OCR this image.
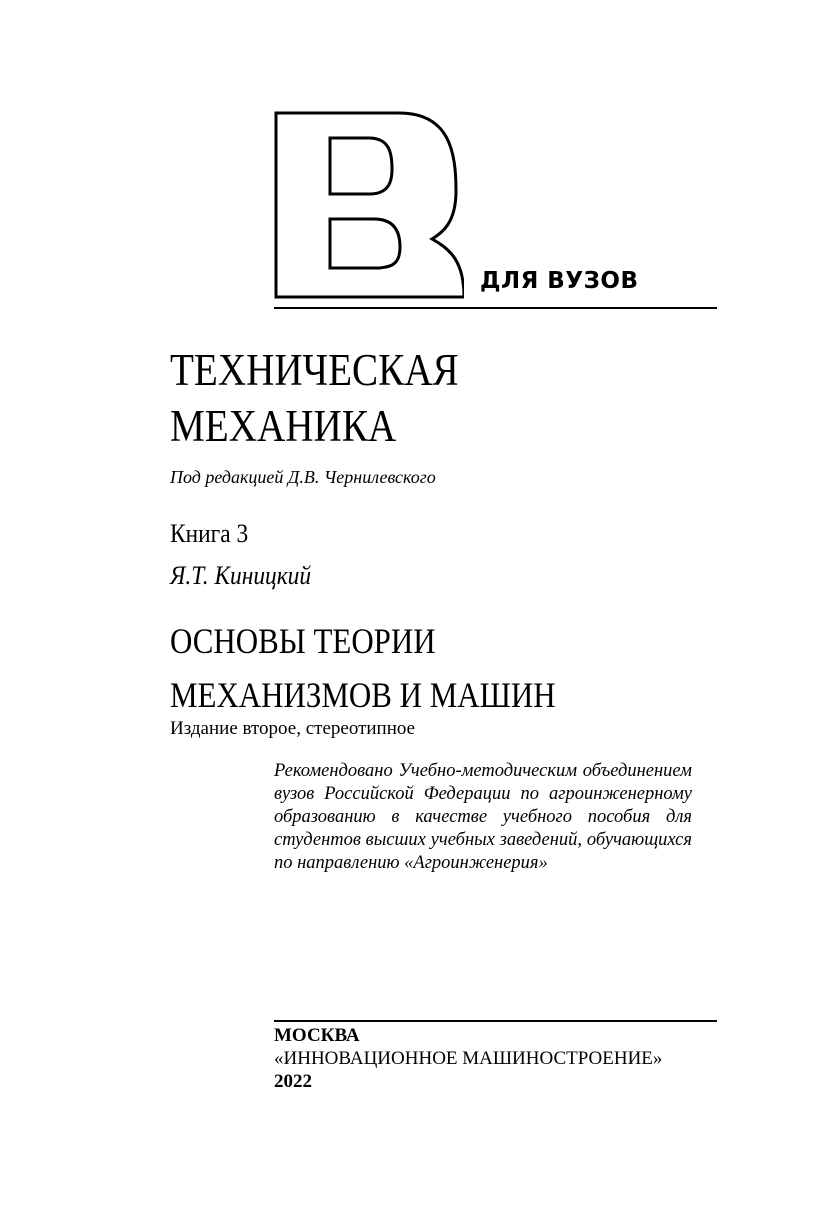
ДЛЯ ВУЗОВ
ТЕХНИЧЕСКАЯ
МЕХАНИКА
Под редакцией Д.В. Чернилевского
Книга 3
Я.Т. Киницкий
ОСНОВЫ ТЕОРИИ
МЕХАНИЗМОВ И МАШИН
Издание второе, стереотипное
Рекомендовано Учебно-методическим объединением вузов Российской Федерации по агроинженерному образованию в качестве учебного пособия для студентов высших учебных заведений, обучающихся по направлению «Агроинженерия»
МОСКВА
«ИННОВАЦИОННОЕ МАШИНОСТРОЕНИЕ»
2022
